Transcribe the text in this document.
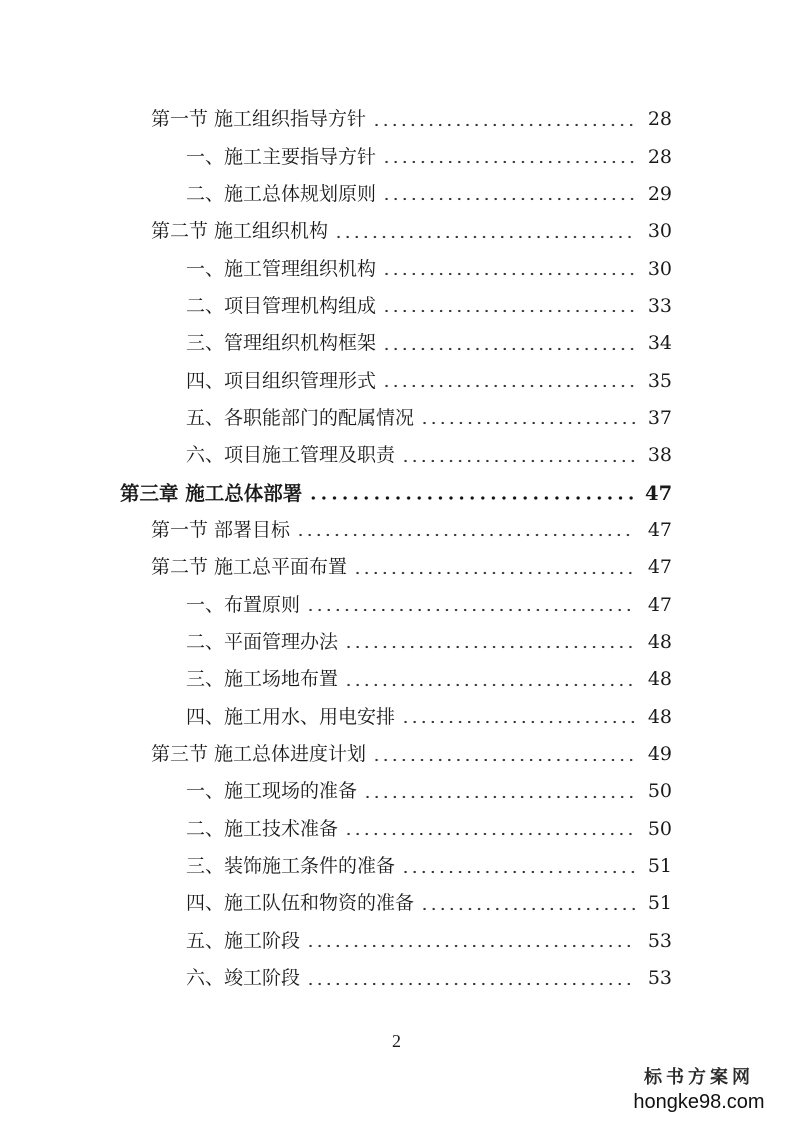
第一节 施工组织指导方针	28
一、施工主要指导方针	28
二、施工总体规划原则	29
第二节 施工组织机构	30
一、施工管理组织机构	30
二、项目管理机构组成	33
三、管理组织机构框架	34
四、项目组织管理形式	35
五、各职能部门的配属情况	37
六、项目施工管理及职责	38
第三章 施工总体部署	47
第一节 部署目标	47
第二节 施工总平面布置	47
一、布置原则	47
二、平面管理办法	48
三、施工场地布置	48
四、施工用水、用电安排	48
第三节 施工总体进度计划	49
一、施工现场的准备	50
二、施工技术准备	50
三、装饰施工条件的准备	51
四、施工队伍和物资的准备	51
五、施工阶段	53
六、竣工阶段	53
2
标书方案网
hongke98.com
